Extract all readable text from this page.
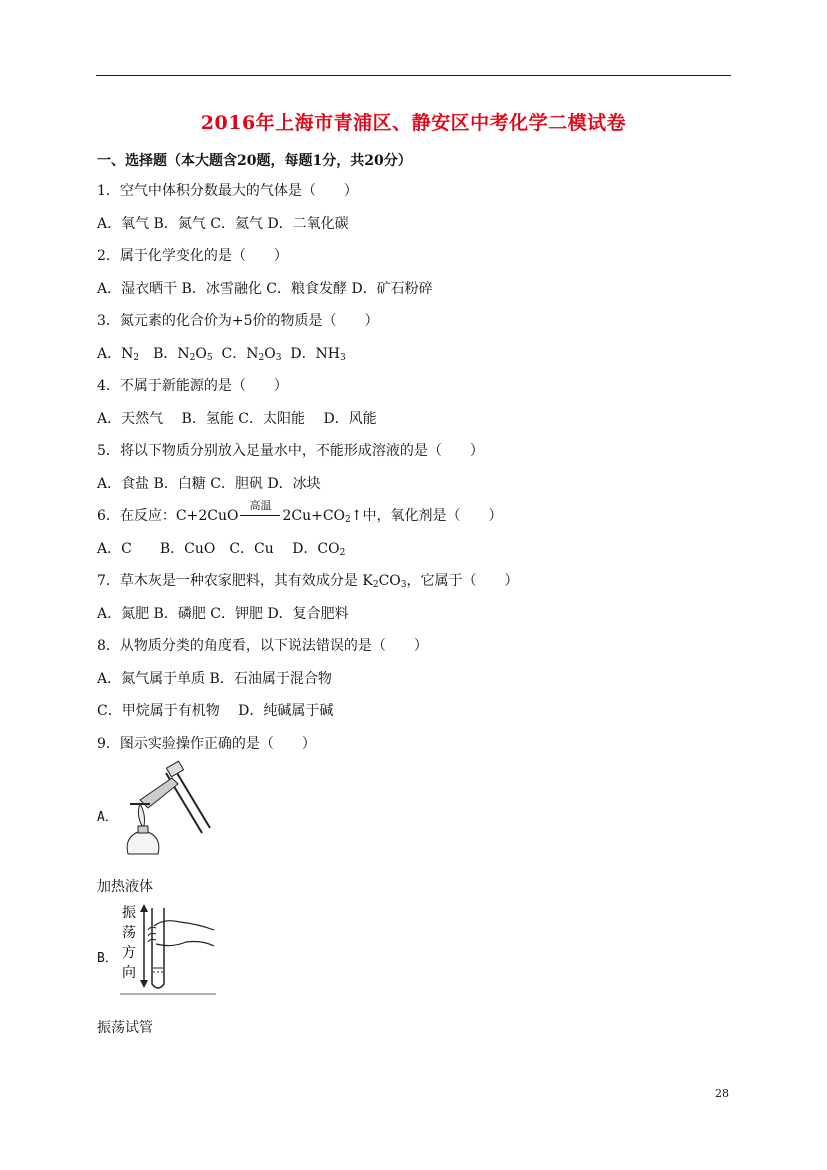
2016年上海市青浦区、静安区中考化学二模试卷
一、选择题（本大题含20题，每题1分，共20分）
1．空气中体积分数最大的气体是（　　）
A．氧气 B．氮气 C．氦气 D．二氧化碳
2．属于化学变化的是（　　）
A．湿衣晒干 B．冰雪融化 C．粮食发酵 D．矿石粉碎
3．氮元素的化合价为+5价的物质是（　　）
A．$N_2$　B．$N_2O_5$  C．$N_2O_3$  D．$NH_3$
4．不属于新能源的是（　　）
A．天然气　 B．氢能 C．太阳能　 D．风能
5．将以下物质分别放入足量水中，不能形成溶液的是（　　）
A．食盐 B．白糖 C．胆矾 D．冰块
6．在反应：C+2CuO
高温
$2Cu+CO_2↑$中，氧化剂是（　　）
A．C　　B．CuO　C．Cu　 D．$CO_2$
7．草木灰是一种农家肥料，其有效成分是 $K_2CO_3$，它属于（　　）
A．氮肥 B．磷肥 C．钾肥 D．复合肥料
8．从物质分类的角度看，以下说法错误的是（　　）
A．氮气属于单质 B．石油属于混合物
C．甲烷属于有机物　 D．纯碱属于碱
9．图示实验操作正确的是（　　）
A．
加热液体
B．
振
荡
方
向
振荡试管
28
